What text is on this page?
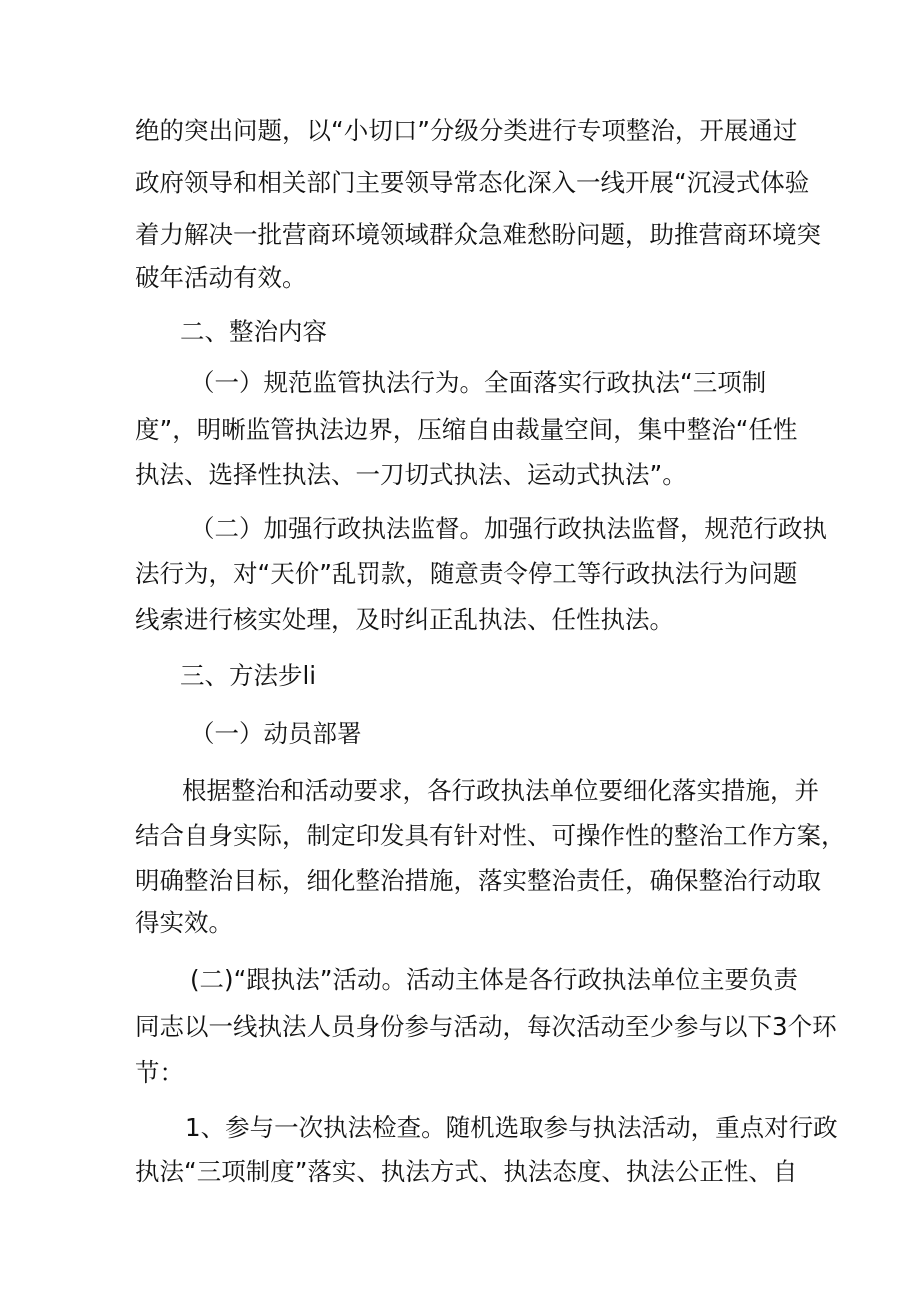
绝的突出问题，以“小切口”分级分类进行专项整治，开展通过
政府领导和相关部门主要领导常态化深入一线开展“沉浸式体验
着力解决一批营商环境领域群众急难愁盼问题，助推营商环境突
破年活动有效。
二、整治内容
（一）规范监管执法行为。全面落实行政执法“三项制
度”，明晰监管执法边界，压缩自由裁量空间，集中整治“任性
执法、选择性执法、一刀切式执法、运动式执法”。
（二）加强行政执法监督。加强行政执法监督，规范行政执
法行为，对“天价”乱罚款，随意责令停工等行政执法行为问题
线索进行核实处理，及时纠正乱执法、任性执法。
三、方法步li
（一）动员部署
根据整治和活动要求，各行政执法单位要细化落实措施，并
结合自身实际，制定印发具有针对性、可操作性的整治工作方案，
明确整治目标，细化整治措施，落实整治责任，确保整治行动取
得实效。
(二)“跟执法”活动。活动主体是各行政执法单位主要负责
同志以一线执法人员身份参与活动，每次活动至少参与以下3个环
节：
1、参与一次执法检查。随机选取参与执法活动，重点对行政
执法“三项制度”落实、执法方式、执法态度、执法公正性、自
